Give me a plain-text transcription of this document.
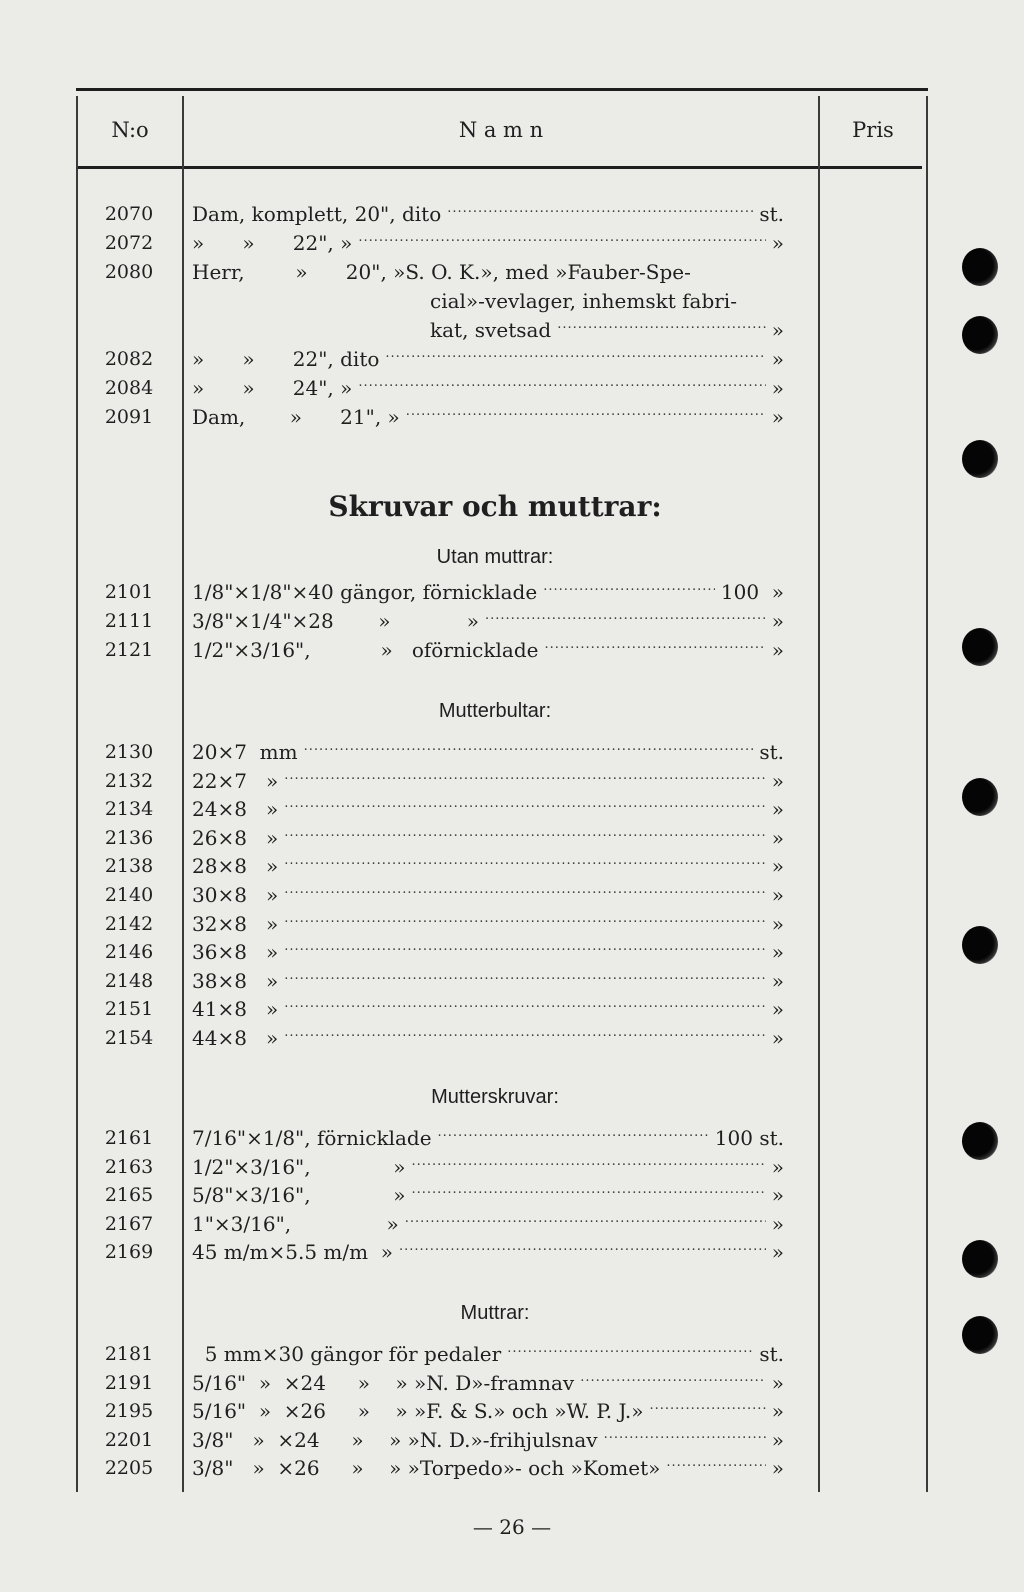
N:o	N a m n	Pris
2070	Dam, komplett, 20", dito .....	st.
2072	»      »      22", » .....	»
2080	Herr,        »      20", »S. O. K.», med »Fauber-Spe-
cial»-vevlager, inhemskt fabri-
kat, svetsad .....	»
2082	»      »      22", dito .....	»
2084	»      »      24", » .....	»
2091	Dam,       »      21", » .....	»
Skruvar och muttrar:
Utan muttrar:
2101	1/8"×1/8"×40 gängor, förnicklade .....	100  »
2111	3/8"×1/4"×28       »            » .....	»
2121	1/2"×3/16",           »   oförnicklade .....	»
Mutterbultar:
2130	20×7  mm .....	st.
2132	22×7   » .....	»
2134	24×8   » .....	»
2136	26×8   » .....	»
2138	28×8   » .....	»
2140	30×8   » .....	»
2142	32×8   » .....	»
2146	36×8   » .....	»
2148	38×8   » .....	»
2151	41×8   » .....	»
2154	44×8   » .....	»
Mutterskruvar:
2161	7/16"×1/8", förnicklade .....	100 st.
2163	1/2"×3/16",             » .....	»
2165	5/8"×3/16",             » .....	»
2167	1"×3/16",               » .....	»
2169	45 m/m×5.5 m/m  » .....	»
Muttrar:
2181	5 mm×30 gängor för pedaler .....	st.
2191	5/16"  »  ×24     »    » »N. D»-framnav .....	»
2195	5/16"  »  ×26     »    » »F. & S.» och »W. P. J.» .....	»
2201	3/8"   »  ×24     »    » »N. D.»-frihjulsnav .....	»
2205	3/8"   »  ×26     »    » »Torpedo»- och »Komet» .....	»
— 26 —
